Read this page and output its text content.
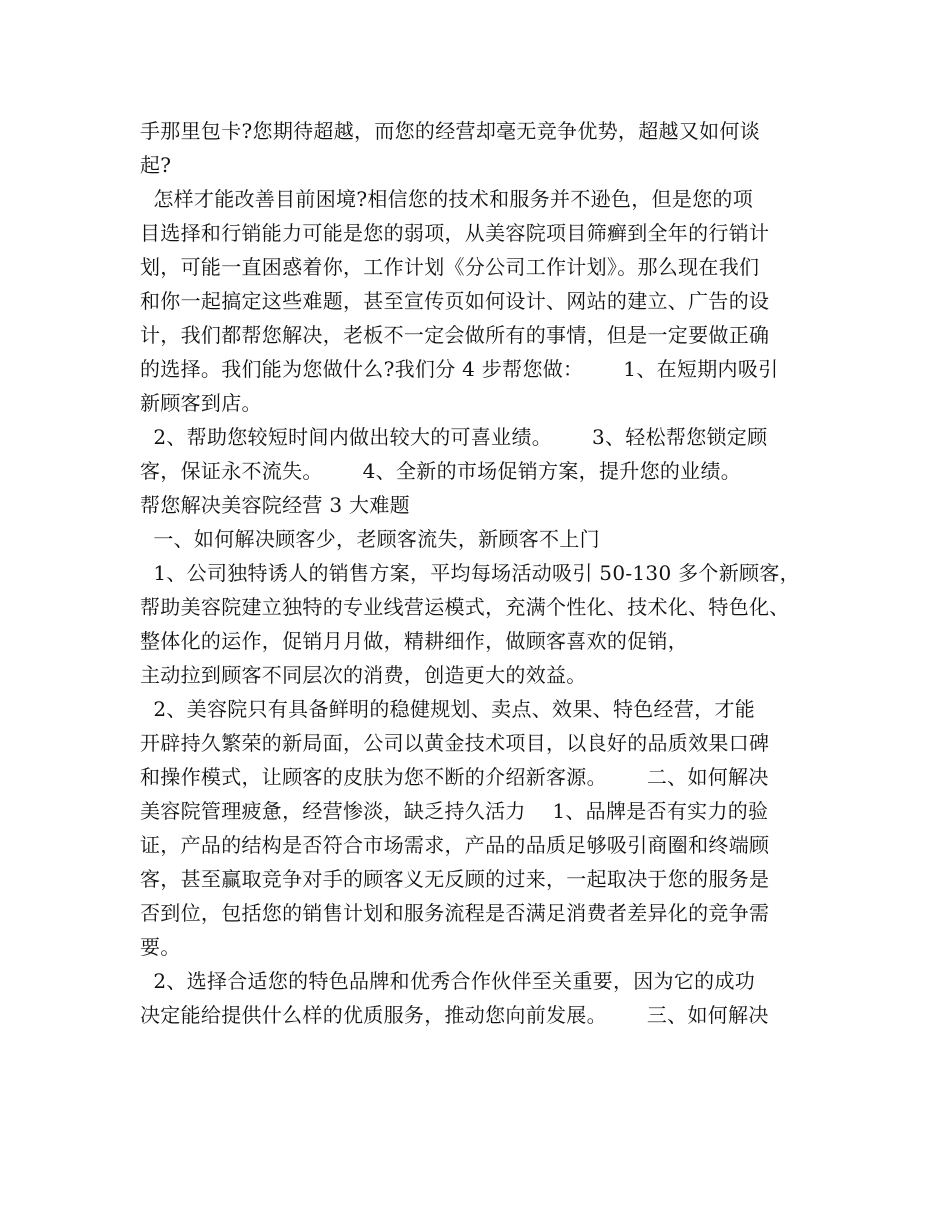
手那里包卡?您期待超越，而您的经营却毫无竞争优势，超越又如何谈
起?
怎样才能改善目前困境?相信您的技术和服务并不逊色，但是您的项
目选择和行销能力可能是您的弱项，从美容院项目筛癣到全年的行销计
划，可能一直困惑着你，工作计划《分公司工作计划》。那么现在我们
和你一起搞定这些难题，甚至宣传页如何设计、网站的建立、广告的设
计，我们都帮您解决，老板不一定会做所有的事情，但是一定要做正确
的选择。我们能为您做什么?我们分 4 步帮您做：      1、在短期内吸引
新顾客到店。
2、帮助您较短时间内做出较大的可喜业绩。      3、轻松帮您锁定顾
客，保证永不流失。      4、全新的市场促销方案，提升您的业绩。
帮您解决美容院经营 3 大难题
一、如何解决顾客少，老顾客流失，新顾客不上门
1、公司独特诱人的销售方案，平均每场活动吸引 50-130 多个新顾客，
帮助美容院建立独特的专业线营运模式，充满个性化、技术化、特色化、
整体化的运作，促销月月做，精耕细作，做顾客喜欢的促销，
主动拉到顾客不同层次的消费，创造更大的效益。
2、美容院只有具备鲜明的稳健规划、卖点、效果、特色经营，才能
开辟持久繁荣的新局面，公司以黄金技术项目，以良好的品质效果口碑
和操作模式，让顾客的皮肤为您不断的介绍新客源。      二、如何解决
美容院管理疲惫，经营惨淡，缺乏持久活力    1、品牌是否有实力的验
证，产品的结构是否符合市场需求，产品的品质足够吸引商圈和终端顾
客，甚至赢取竞争对手的顾客义无反顾的过来，一起取决于您的服务是
否到位，包括您的销售计划和服务流程是否满足消费者差异化的竞争需
要。
2、选择合适您的特色品牌和优秀合作伙伴至关重要，因为它的成功
决定能给提供什么样的优质服务，推动您向前发展。      三、如何解决
